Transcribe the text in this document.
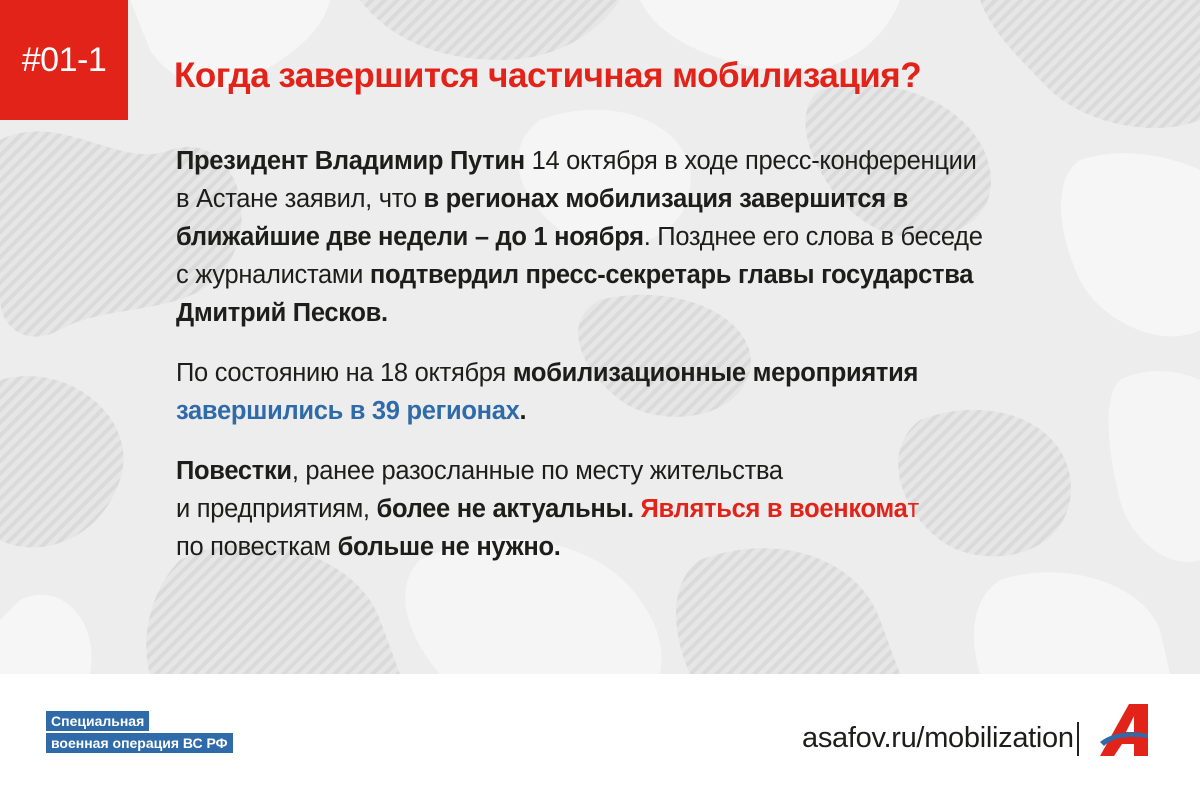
#01-1	Когда завершится частичная мобилизация?

Президент Владимир Путин 14 октября в ходе пресс-конференции
в Астане заявил, что в регионах мобилизация завершится в
ближайшие две недели – до 1 ноября. Позднее его слова в беседе
с журналистами подтвердил пресс-секретарь главы государства
Дмитрий Песков.

По состоянию на 18 октября мобилизационные мероприятия
завершились в 39 регионах.

Повестки, ранее разосланные по месту жительства
и предприятиям, более не актуальны. Являться в военкомат
по повесткам больше не нужно.

Специальная
военная операция ВС РФ	asafov.ru/mobilization
